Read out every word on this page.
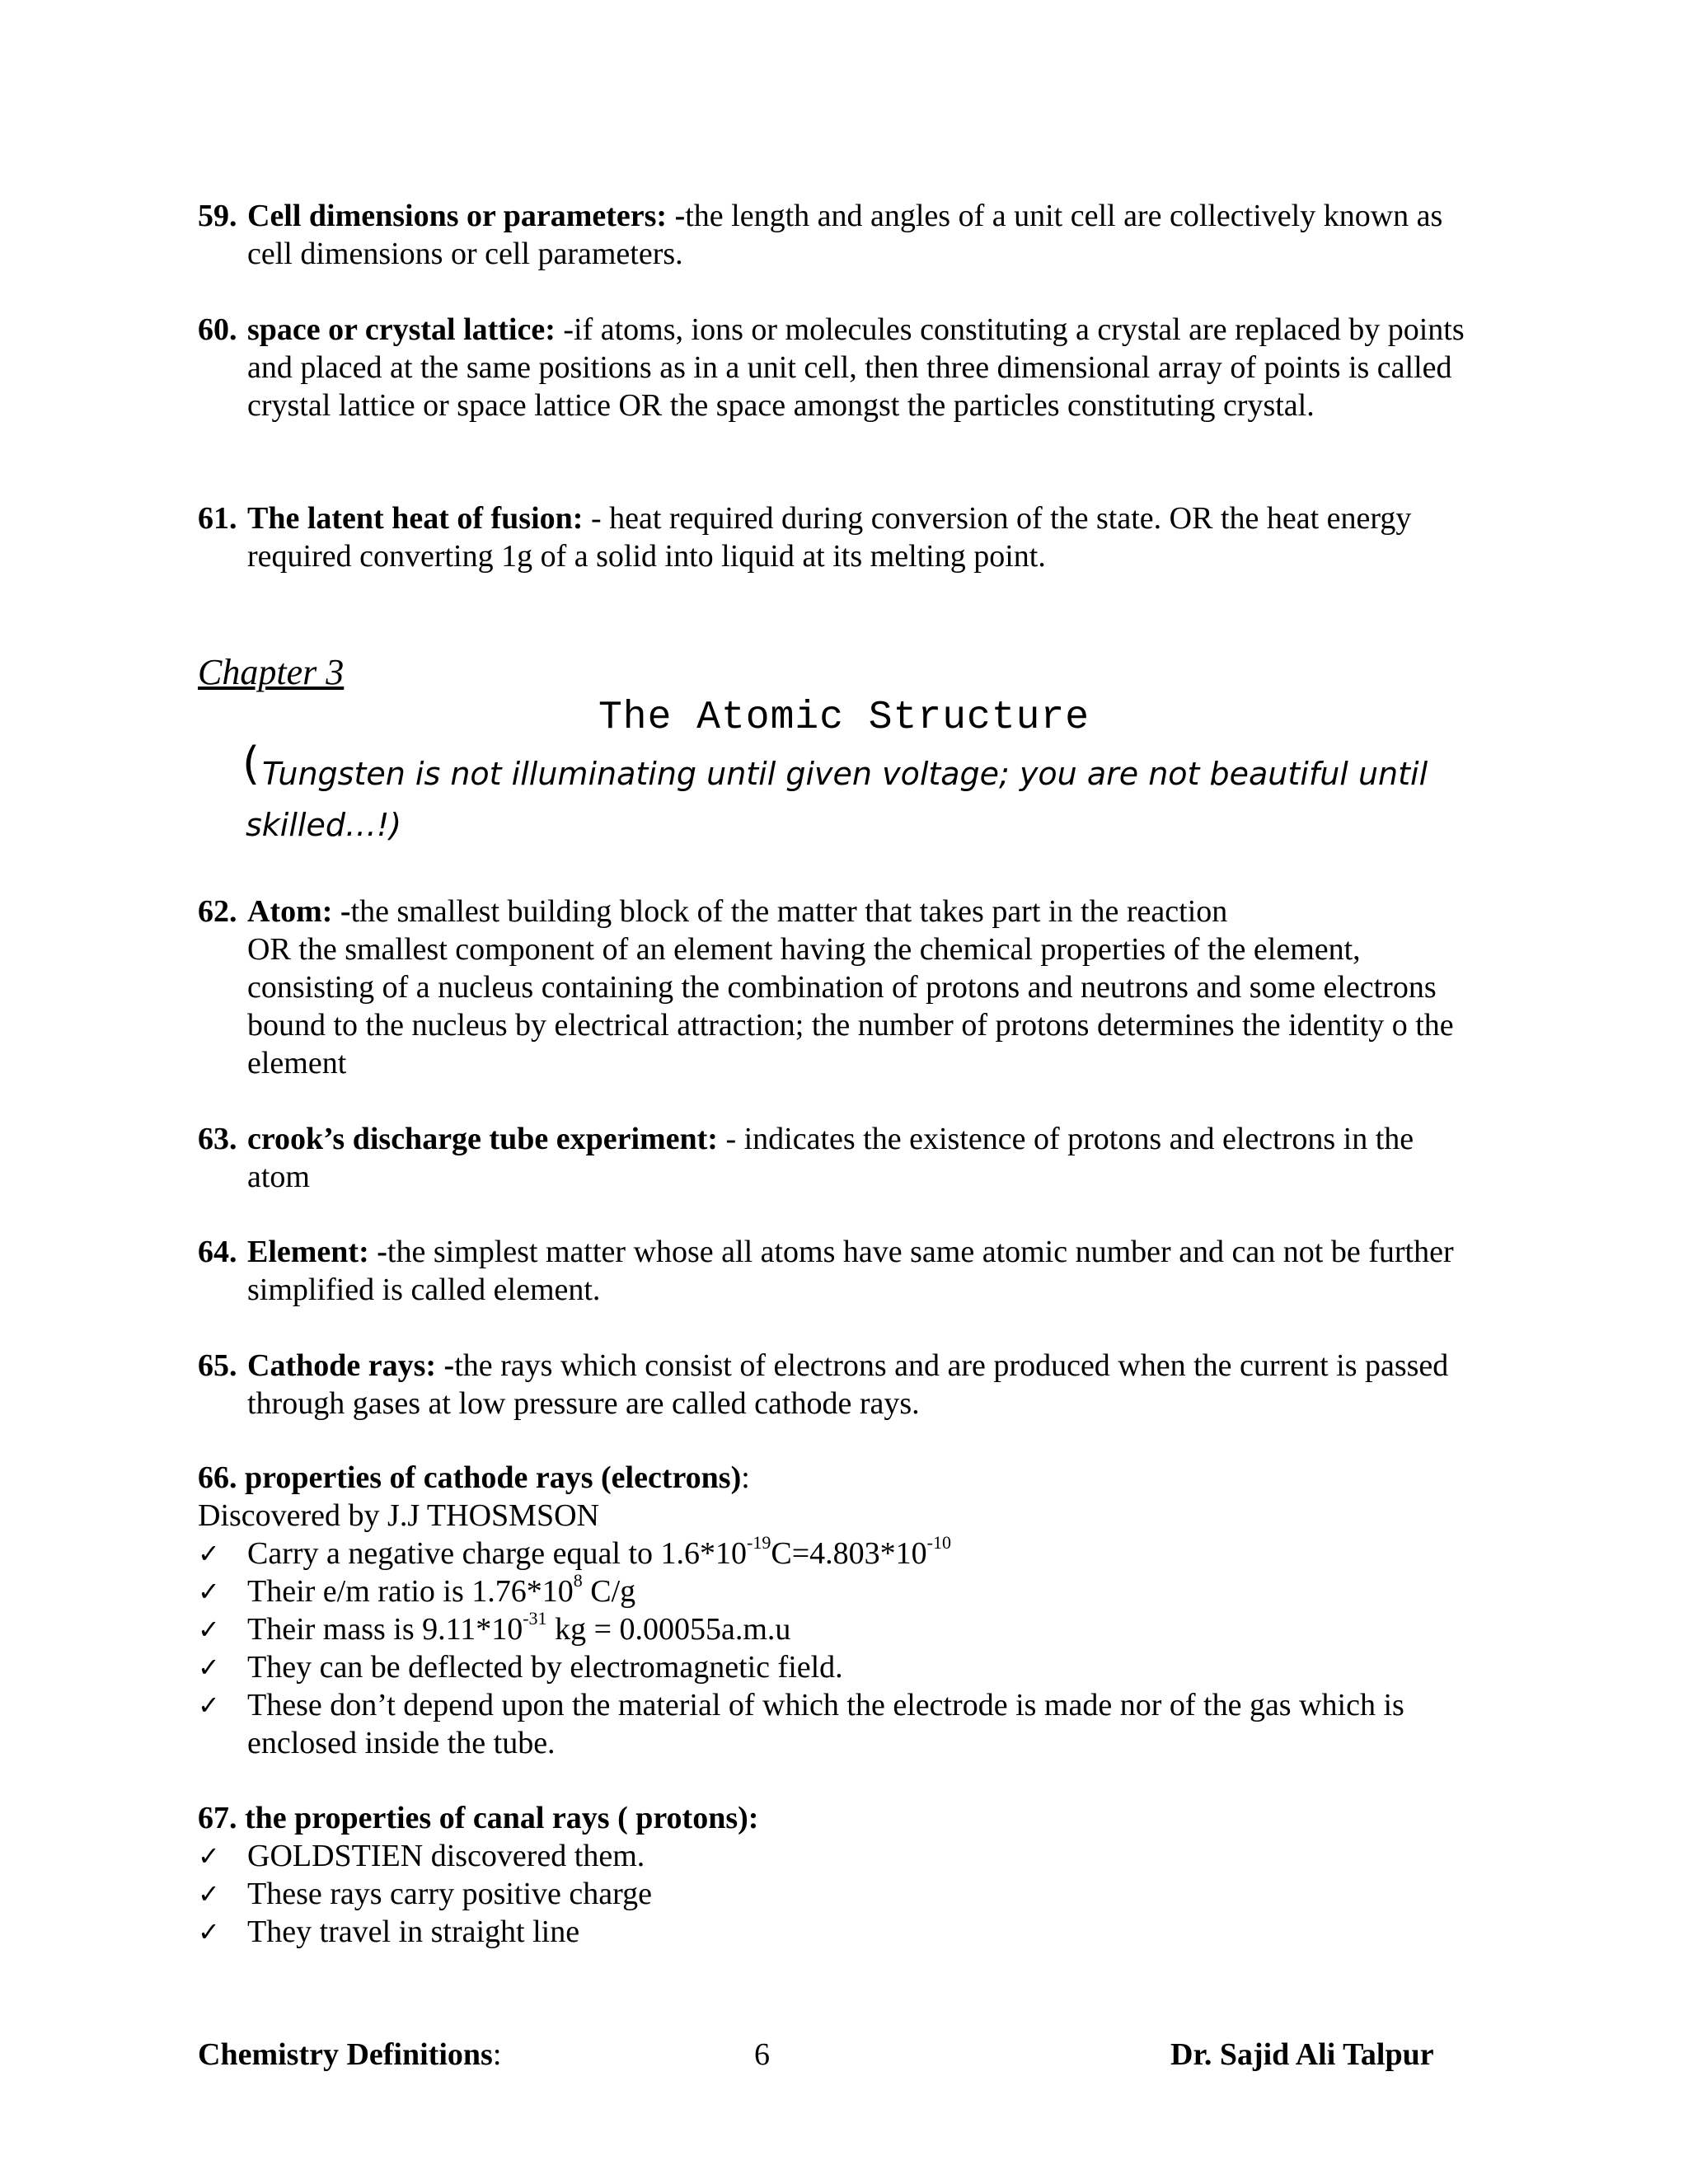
59. Cell dimensions or parameters: -the length and angles of a unit cell are collectively known as cell dimensions or cell parameters.
60. space or crystal lattice: -if atoms, ions or molecules constituting a crystal are replaced by points and placed at the same positions as in a unit cell, then three dimensional array of points is called crystal lattice or space lattice OR the space amongst the particles constituting crystal.
61. The latent heat of fusion: - heat required during conversion of the state. OR the heat energy required converting 1g of a solid into liquid at its melting point.
Chapter 3
The Atomic Structure
( Tungsten is not illuminating until given voltage; you are not beautiful until skilled…!)
62. Atom: -the smallest building block of the matter that takes part in the reaction
OR the smallest component of an element having the chemical properties of the element, consisting of a nucleus containing the combination of protons and neutrons and some electrons bound to the nucleus by electrical attraction; the number of protons determines the identity o the element
63. crook’s discharge tube experiment: - indicates the existence of protons and electrons in the atom
64. Element: -the simplest matter whose all atoms have same atomic number and can not be further simplified is called element.
65. Cathode rays: -the rays which consist of electrons and are produced when the current is passed through gases at low pressure are called cathode rays.
66. properties of cathode rays (electrons):
Discovered by J.J THOSMSON
✓ Carry a negative charge equal to $1.6*10^{-19}C=4.803*10^{-10}$
✓ Their e/m ratio is $1.76*10^8$ C/g
✓ Their mass is $9.11*10^{-31}$ kg = 0.00055a.m.u
✓ They can be deflected by electromagnetic field.
✓ These don’t depend upon the material of which the electrode is made nor of the gas which is enclosed inside the tube.
67. the properties of canal rays ( protons):
✓ GOLDSTIEN discovered them.
✓ These rays carry positive charge
✓ They travel in straight line
Chemistry Definitions:	6	Dr. Sajid Ali Talpur
